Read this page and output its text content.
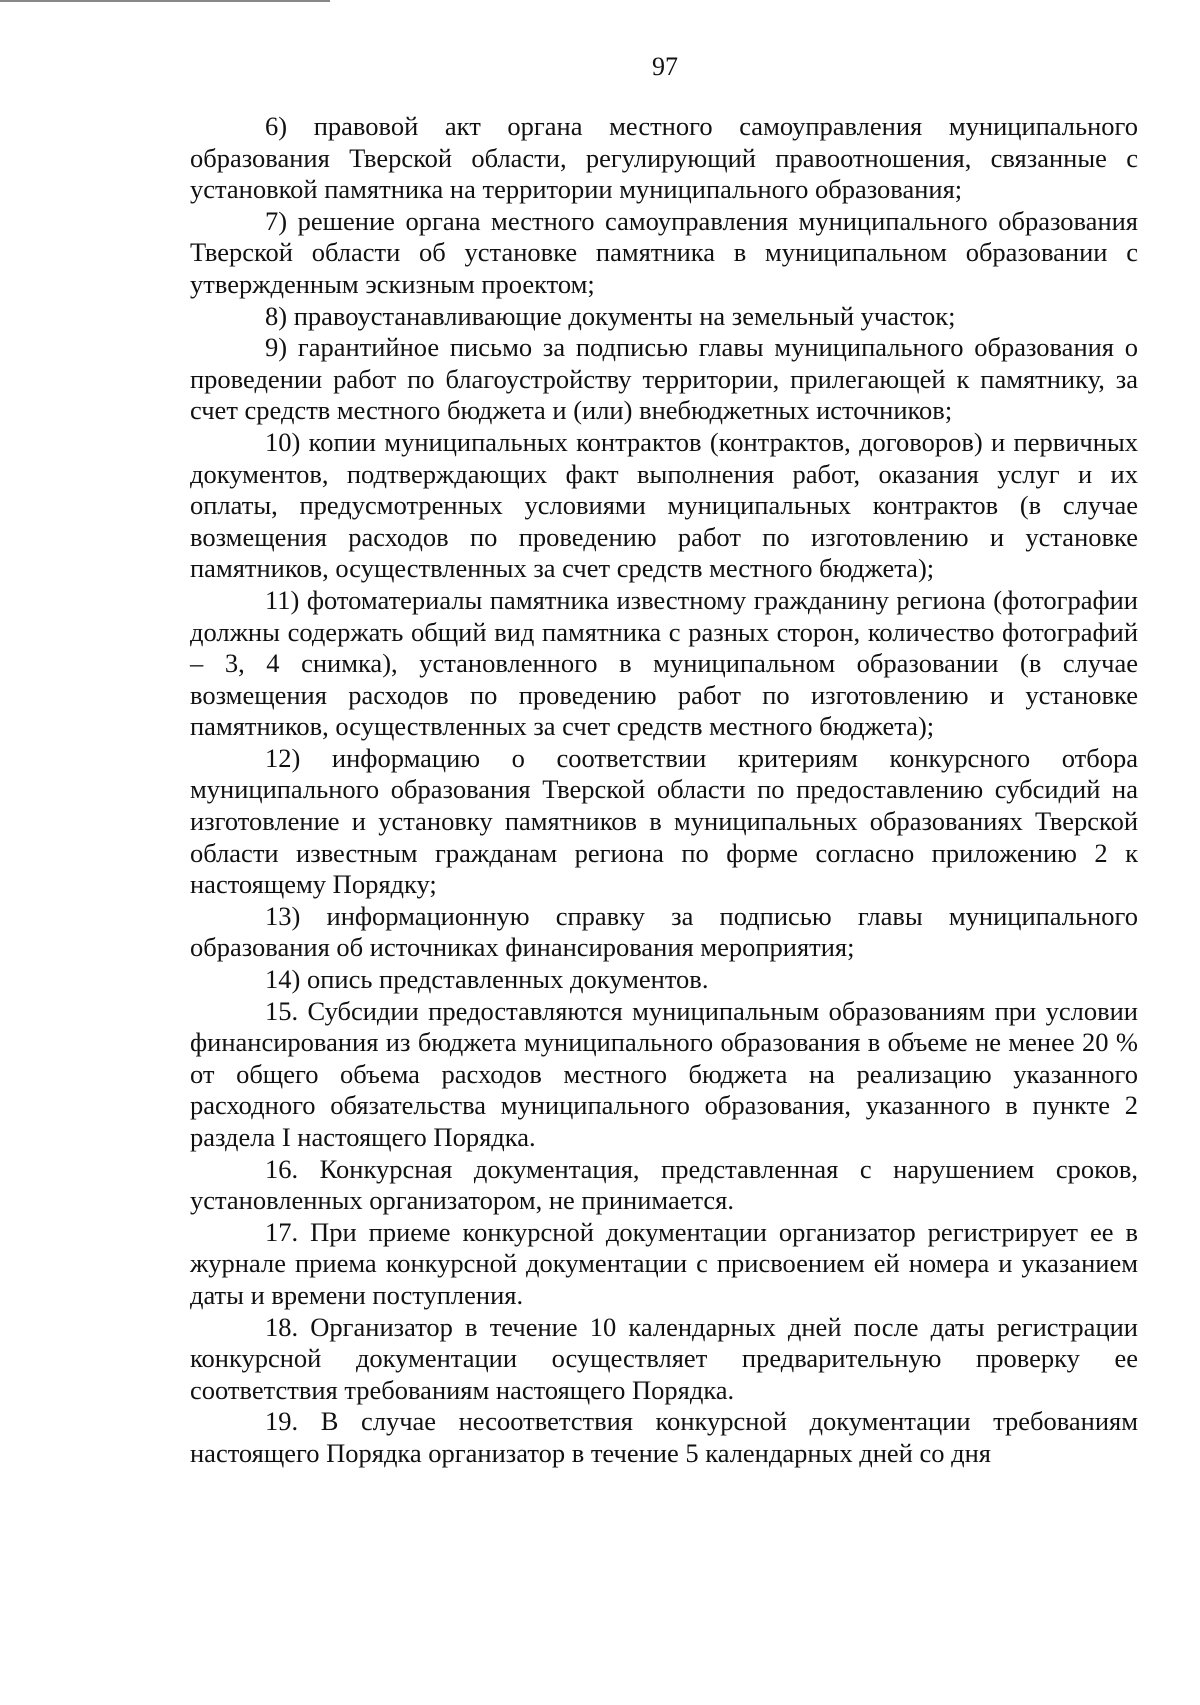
97

6) правовой акт органа местного самоуправления муниципального образования Тверской области, регулирующий правоотношения, связанные с установкой памятника на территории муниципального образования;

7) решение органа местного самоуправления муниципального образования Тверской области об установке памятника в муниципальном образовании с утвержденным эскизным проектом;

8) правоустанавливающие документы на земельный участок;

9) гарантийное письмо за подписью главы муниципального образования о проведении работ по благоустройству территории, прилегающей к памятнику, за счет средств местного бюджета и (или) внебюджетных источников;

10) копии муниципальных контрактов (контрактов, договоров) и первичных документов, подтверждающих факт выполнения работ, оказания услуг и их оплаты, предусмотренных условиями муниципальных контрактов (в случае возмещения расходов по проведению работ по изготовлению и установке памятников, осуществленных за счет средств местного бюджета);

11) фотоматериалы памятника известному гражданину региона (фотографии должны содержать общий вид памятника с разных сторон, количество фотографий – 3, 4 снимка), установленного в муниципальном образовании (в случае возмещения расходов по проведению работ по изготовлению и установке памятников, осуществленных за счет средств местного бюджета);

12) информацию о соответствии критериям конкурсного отбора муниципального образования Тверской области по предоставлению субсидий на изготовление и установку памятников в муниципальных образованиях Тверской области известным гражданам региона по форме согласно приложению 2 к настоящему Порядку;

13) информационную справку за подписью главы муниципального образования об источниках финансирования мероприятия;

14) опись представленных документов.

15. Субсидии предоставляются муниципальным образованиям при условии финансирования из бюджета муниципального образования в объеме не менее 20 % от общего объема расходов местного бюджета на реализацию указанного расходного обязательства муниципального образования, указанного в пункте 2 раздела I настоящего Порядка.

16. Конкурсная документация, представленная с нарушением сроков, установленных организатором, не принимается.

17. При приеме конкурсной документации организатор регистрирует ее в журнале приема конкурсной документации с присвоением ей номера и указанием даты и времени поступления.

18. Организатор в течение 10 календарных дней после даты регистрации конкурсной документации осуществляет предварительную проверку ее соответствия требованиям настоящего Порядка.

19. В случае несоответствия конкурсной документации требованиям настоящего Порядка организатор в течение 5 календарных дней со дня
